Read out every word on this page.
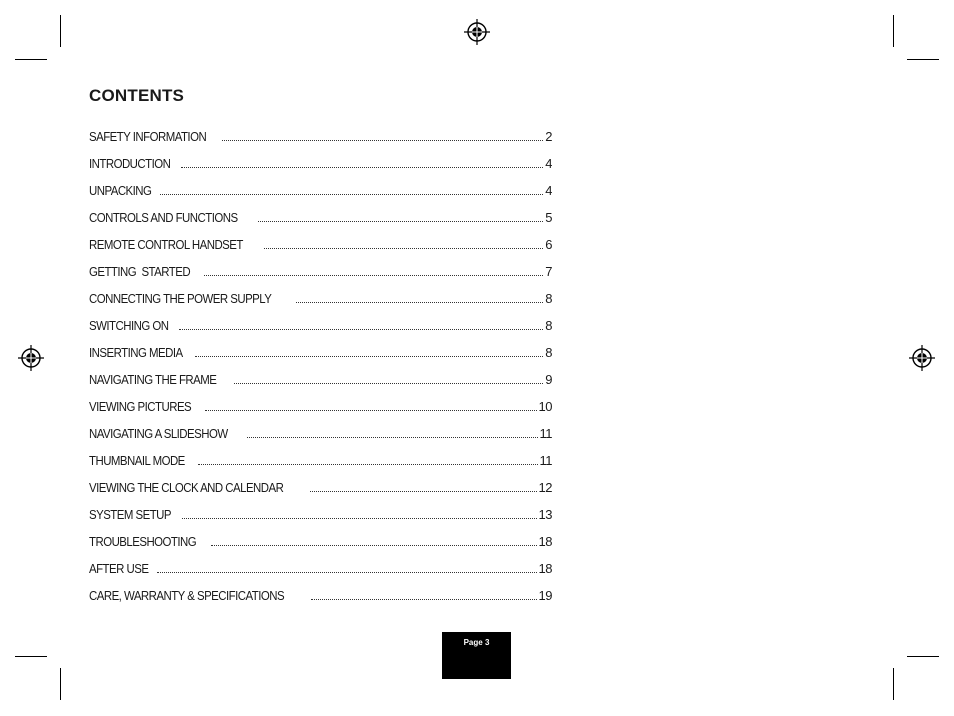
CONTENTS
SAFETY INFORMATION	2
INTRODUCTION	4
UNPACKING	4
CONTROLS AND FUNCTIONS	5
REMOTE CONTROL HANDSET	6
GETTING  STARTED	7
CONNECTING THE POWER SUPPLY	8
SWITCHING ON	8
INSERTING MEDIA	8
NAVIGATING THE FRAME	9
VIEWING PICTURES	10
NAVIGATING A SLIDESHOW	11
THUMBNAIL MODE	11
VIEWING THE CLOCK AND CALENDAR	12
SYSTEM SETUP	13
TROUBLESHOOTING	18
AFTER USE	18
CARE, WARRANTY & SPECIFICATIONS	19
Page 3
